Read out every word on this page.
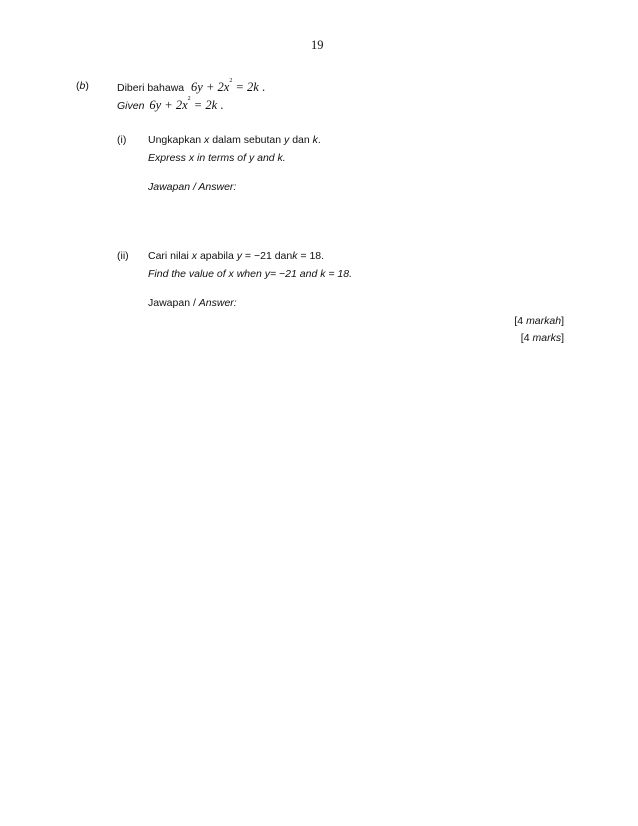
19
(b)	Diberi bahawa $6y + 2x^2 = 2k$ .
Given $6y + 2x^2 = 2k$ .
(i) Ungkapkan x dalam sebutan y dan k.
Express x in terms of y and k.
Jawapan / Answer:
(ii) Cari nilai x apabila y = −21 dank = 18.
Find the value of x when y= −21 and k = 18.
Jawapan / Answer:
[4 markah]
[4 marks]
